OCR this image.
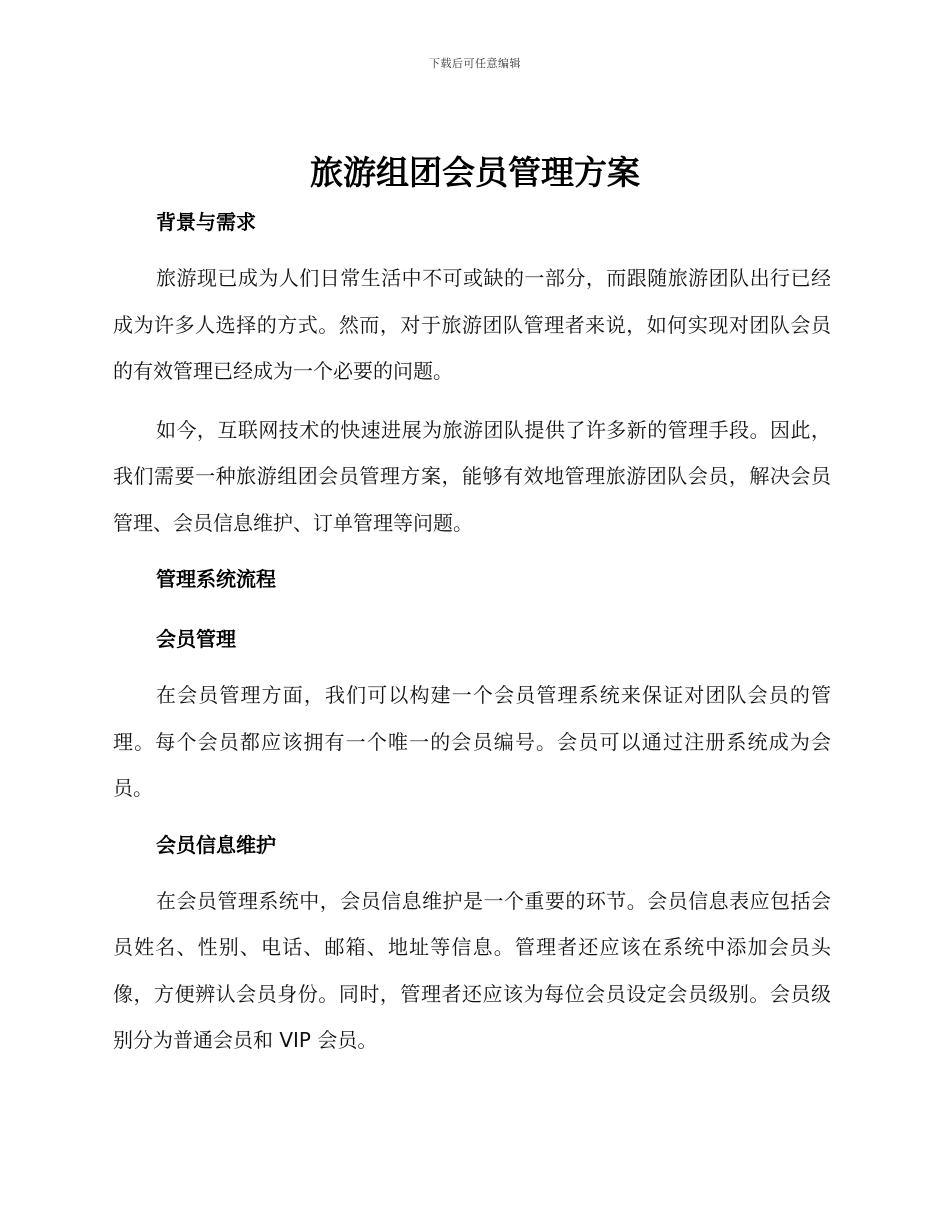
下载后可任意编辑
旅游组团会员管理方案
背景与需求

旅游现已成为人们日常生活中不可或缺的一部分，而跟随旅游团队出行已经成为许多人选择的方式。然而，对于旅游团队管理者来说，如何实现对团队会员的有效管理已经成为一个必要的问题。

如今，互联网技术的快速进展为旅游团队提供了许多新的管理手段。因此，我们需要一种旅游组团会员管理方案，能够有效地管理旅游团队会员，解决会员管理、会员信息维护、订单管理等问题。

管理系统流程
会员管理

在会员管理方面，我们可以构建一个会员管理系统来保证对团队会员的管理。每个会员都应该拥有一个唯一的会员编号。会员可以通过注册系统成为会员。

会员信息维护

在会员管理系统中，会员信息维护是一个重要的环节。会员信息表应包括会员姓名、性别、电话、邮箱、地址等信息。管理者还应该在系统中添加会员头像，方便辨认会员身份。同时，管理者还应该为每位会员设定会员级别。会员级别分为普通会员和 VIP 会员。
